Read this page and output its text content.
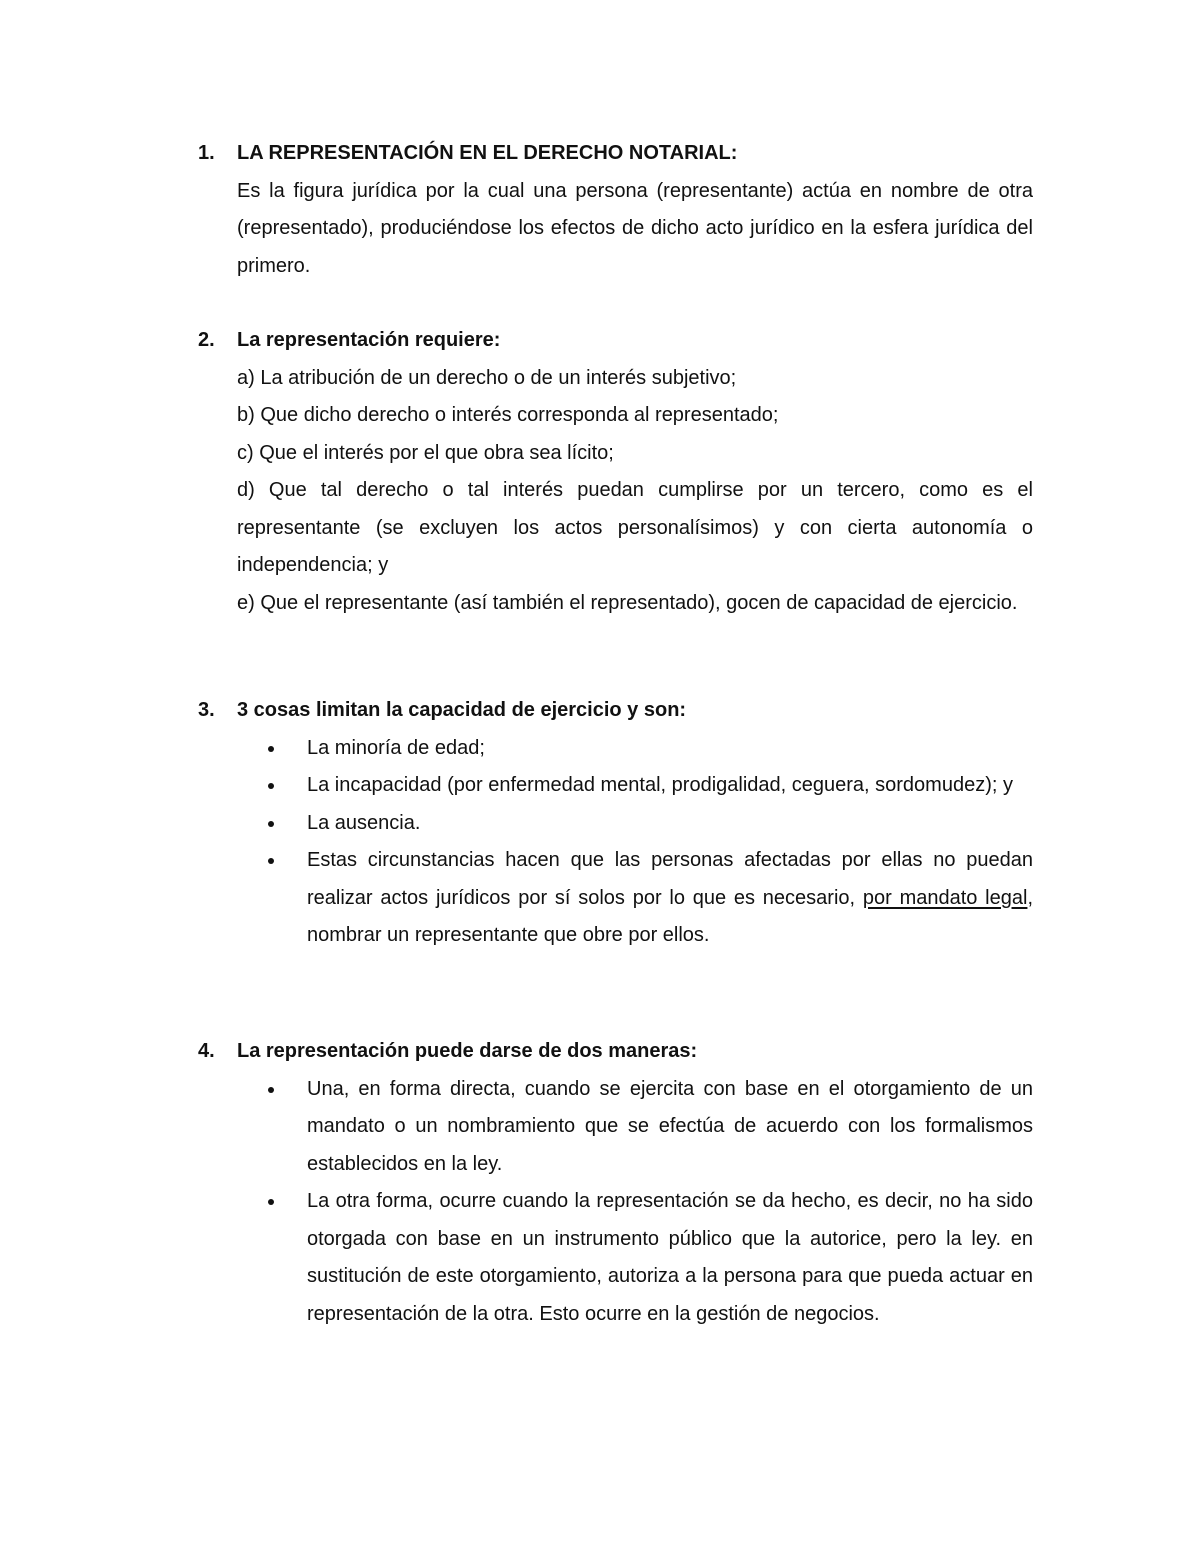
1. LA REPRESENTACIÓN EN EL DERECHO NOTARIAL:

Es la figura jurídica por la cual una persona (representante) actúa en nombre de otra (representado), produciéndose los efectos de dicho acto jurídico en la esfera jurídica del primero.

2. La representación requiere:

a) La atribución de un derecho o de un interés subjetivo;

b) Que dicho derecho o interés corresponda al representado;

c) Que el interés por el que obra sea lícito;

d) Que tal derecho o tal interés puedan cumplirse por un tercero, como es el representante (se excluyen los actos personalísimos) y con cierta autonomía o independencia; y

e) Que el representante (así también el representado), gocen de capacidad de ejercicio.

3. 3 cosas limitan la capacidad de ejercicio y son:

La minoría de edad;

La incapacidad (por enfermedad mental, prodigalidad, ceguera, sordomudez); y

La ausencia.

Estas circunstancias hacen que las personas afectadas por ellas no puedan realizar actos jurídicos por sí solos por lo que es necesario, por mandato legal, nombrar un representante que obre por ellos.

4. La representación puede darse de dos maneras:

Una, en forma directa, cuando se ejercita con base en el otorgamiento de un mandato o un nombramiento que se efectúa de acuerdo con los formalismos establecidos en la ley.

La otra forma, ocurre cuando la representación se da hecho, es decir, no ha sido otorgada con base en un instrumento público que la autorice, pero la ley. en sustitución de este otorgamiento, autoriza a la persona para que pueda actuar en representación de la otra. Esto ocurre en la gestión de negocios.
